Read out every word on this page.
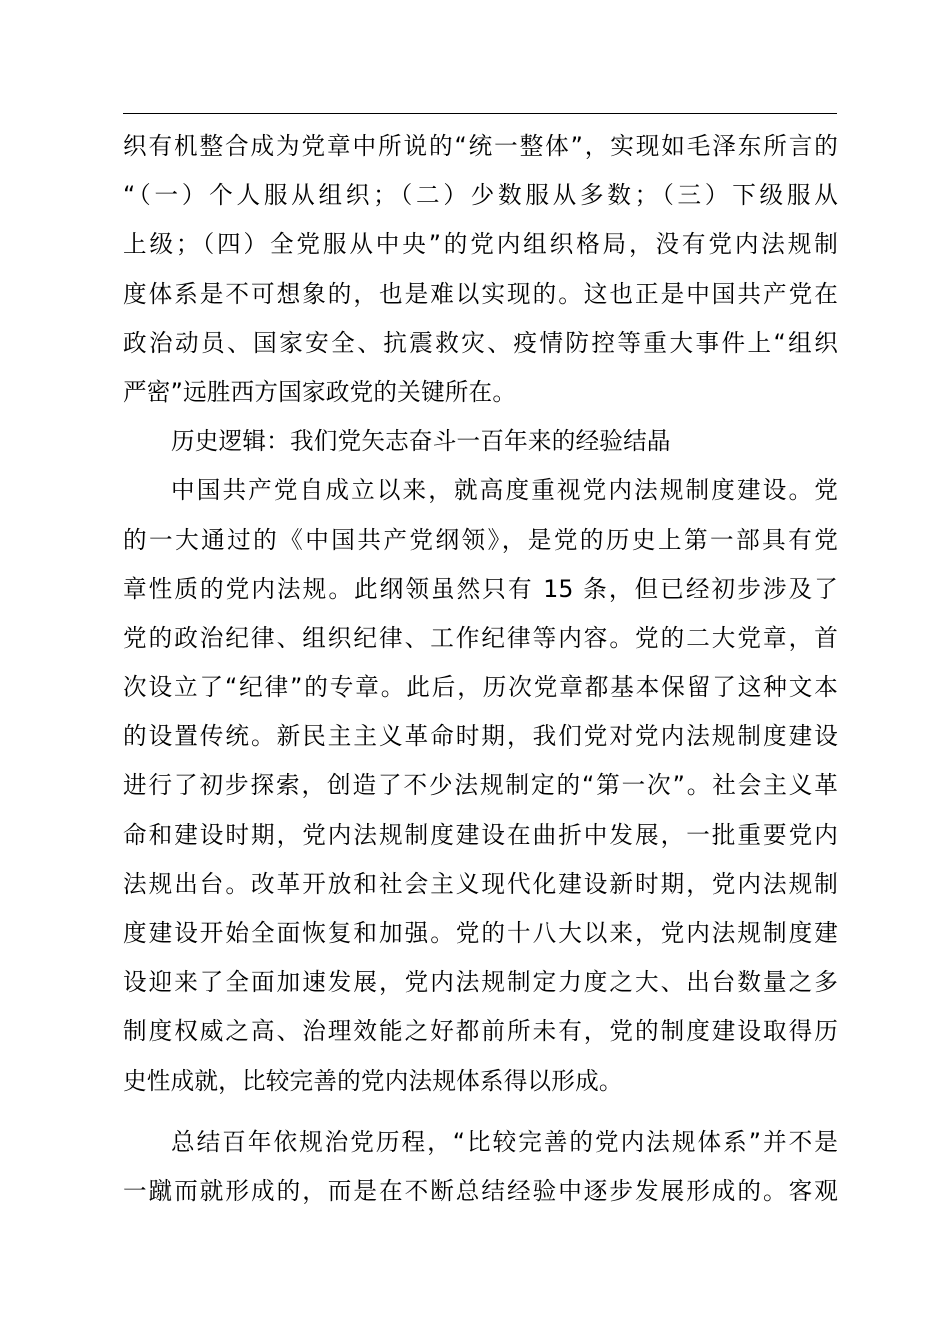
织有机整合成为党章中所说的“统一整体”，实现如毛泽东所言的
“（一）个人服从组织；（二）少数服从多数；（三）下级服从
上级；（四）全党服从中央”的党内组织格局，没有党内法规制
度体系是不可想象的，也是难以实现的。这也正是中国共产党在
政治动员、国家安全、抗震救灾、疫情防控等重大事件上“组织
严密”远胜西方国家政党的关键所在。
历史逻辑：我们党矢志奋斗一百年来的经验结晶
中国共产党自成立以来，就高度重视党内法规制度建设。党
的一大通过的《中国共产党纲领》，是党的历史上第一部具有党
章性质的党内法规。此纲领虽然只有 15 条，但已经初步涉及了
党的政治纪律、组织纪律、工作纪律等内容。党的二大党章，首
次设立了“纪律”的专章。此后，历次党章都基本保留了这种文本
的设置传统。新民主主义革命时期，我们党对党内法规制度建设
进行了初步探索，创造了不少法规制定的“第一次”。社会主义革
命和建设时期，党内法规制度建设在曲折中发展，一批重要党内
法规出台。改革开放和社会主义现代化建设新时期，党内法规制
度建设开始全面恢复和加强。党的十八大以来，党内法规制度建
设迎来了全面加速发展，党内法规制定力度之大、出台数量之多
制度权威之高、治理效能之好都前所未有，党的制度建设取得历
史性成就，比较完善的党内法规体系得以形成。
总结百年依规治党历程，“比较完善的党内法规体系”并不是
一蹴而就形成的，而是在不断总结经验中逐步发展形成的。客观
